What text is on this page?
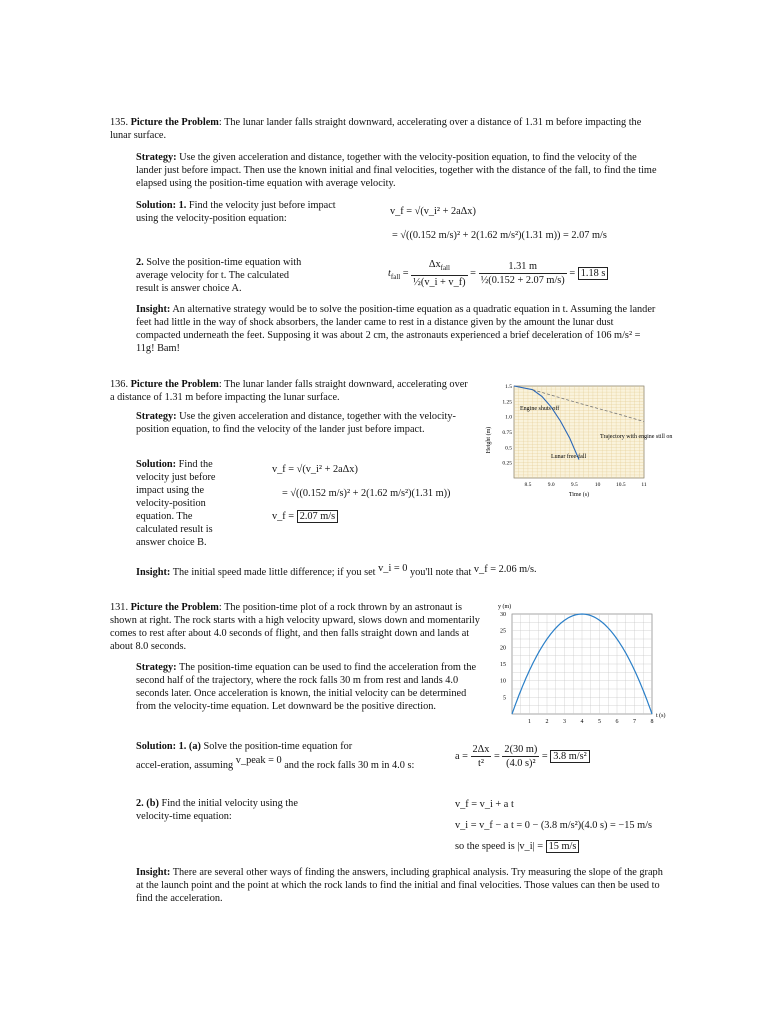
135. Picture the Problem: The lunar lander falls straight downward, accelerating over a distance of 1.31 m before impacting the lunar surface.
Strategy: Use the given acceleration and distance, together with the velocity-position equation, to find the velocity of the lander just before impact. Then use the known initial and final velocities, together with the distance of the fall, to find the time elapsed using the position-time equation with average velocity.
Solution: 1. Find the velocity just before impact using the velocity-position equation:
v_f = √(v_i² + 2aΔx)
= √((0.152 m/s)² + 2(1.62 m/s²)(1.31 m)) = 2.07 m/s
2. Solve the position-time equation with average velocity for t. The calculated result is answer choice A.
$t_{fall} = \frac{\Delta x_{fall}}{\text{½(v\_i + v\_f)}} = \frac{1.31 m}{\text{½(0.152 + 2.07 m/s)}} = 1.18$ s
Insight: An alternative strategy would be to solve the position-time equation as a quadratic equation in t. Assuming the lander feet had little in the way of shock absorbers, the lander came to rest in a distance given by the amount the lunar dust compacted underneath the feet. Supposing it was about 2 cm, the astronauts experienced a brief deceleration of 106 m/s² = 11g! Bam!
136. Picture the Problem: The lunar lander falls straight downward, accelerating over a distance of 1.31 m before impacting the lunar surface.
Strategy: Use the given acceleration and distance, together with the velocity-position equation, to find the velocity of the lander just before impact.
Solution: Find the velocity just before impact using the velocity-position equation. The calculated result is answer choice B.
v_f = √(v_i² + 2aΔx)
= √((0.152 m/s)² + 2(1.62 m/s²)(1.31 m))
v_f = 2.07 m/s
Insight: The initial speed made little difference; if you set v_i = 0 you'll note that v_f = 2.06 m/s.
8.5	9.0	9.5	10	10.5	11
1.5
1.25
1.0
0.75
0.5
0.25
Height (m)
Time (s)
Engine shuts off
Trajectory with engine still on
Lunar free-fall
131. Picture the Problem: The position-time plot of a rock thrown by an astronaut is shown at right. The rock starts with a high velocity upward, slows down and momentarily comes to rest after about 4.0 seconds of flight, and then falls straight down and lands at about 8.0 seconds.
Strategy: The position-time equation can be used to find the acceleration from the second half of the trajectory, where the rock falls 30 m from rest and lands 4.0 seconds later. Once acceleration is known, the initial velocity can be determined from the velocity-time equation. Let downward be the positive direction.
Solution: 1. (a) Solve the position-time equation for
accel-eration, assuming v_peak = 0 and the rock falls 30 m in 4.0 s:
$a = \frac{2\Delta x}{\text{t²}} = \frac{2(30 m)}{\text{(4.0 s)²}} = 3.8$ m/s²
2. (b) Find the initial velocity using the velocity-time equation:
v_f = v_i + a t
v_i = v_f − a t = 0 − (3.8 m/s²)(4.0 s) = −15 m/s
so the speed is |v_i| = 15 m/s
Insight: There are several other ways of finding the answers, including graphical analysis. Try measuring the slope of the graph at the launch point and the point at which the rock lands to find the initial and final velocities. Those values can then be used to find the acceleration.
y (m)
t (s)
1 2 3 4 5 6 7 8
30
25
20
15
10
5
